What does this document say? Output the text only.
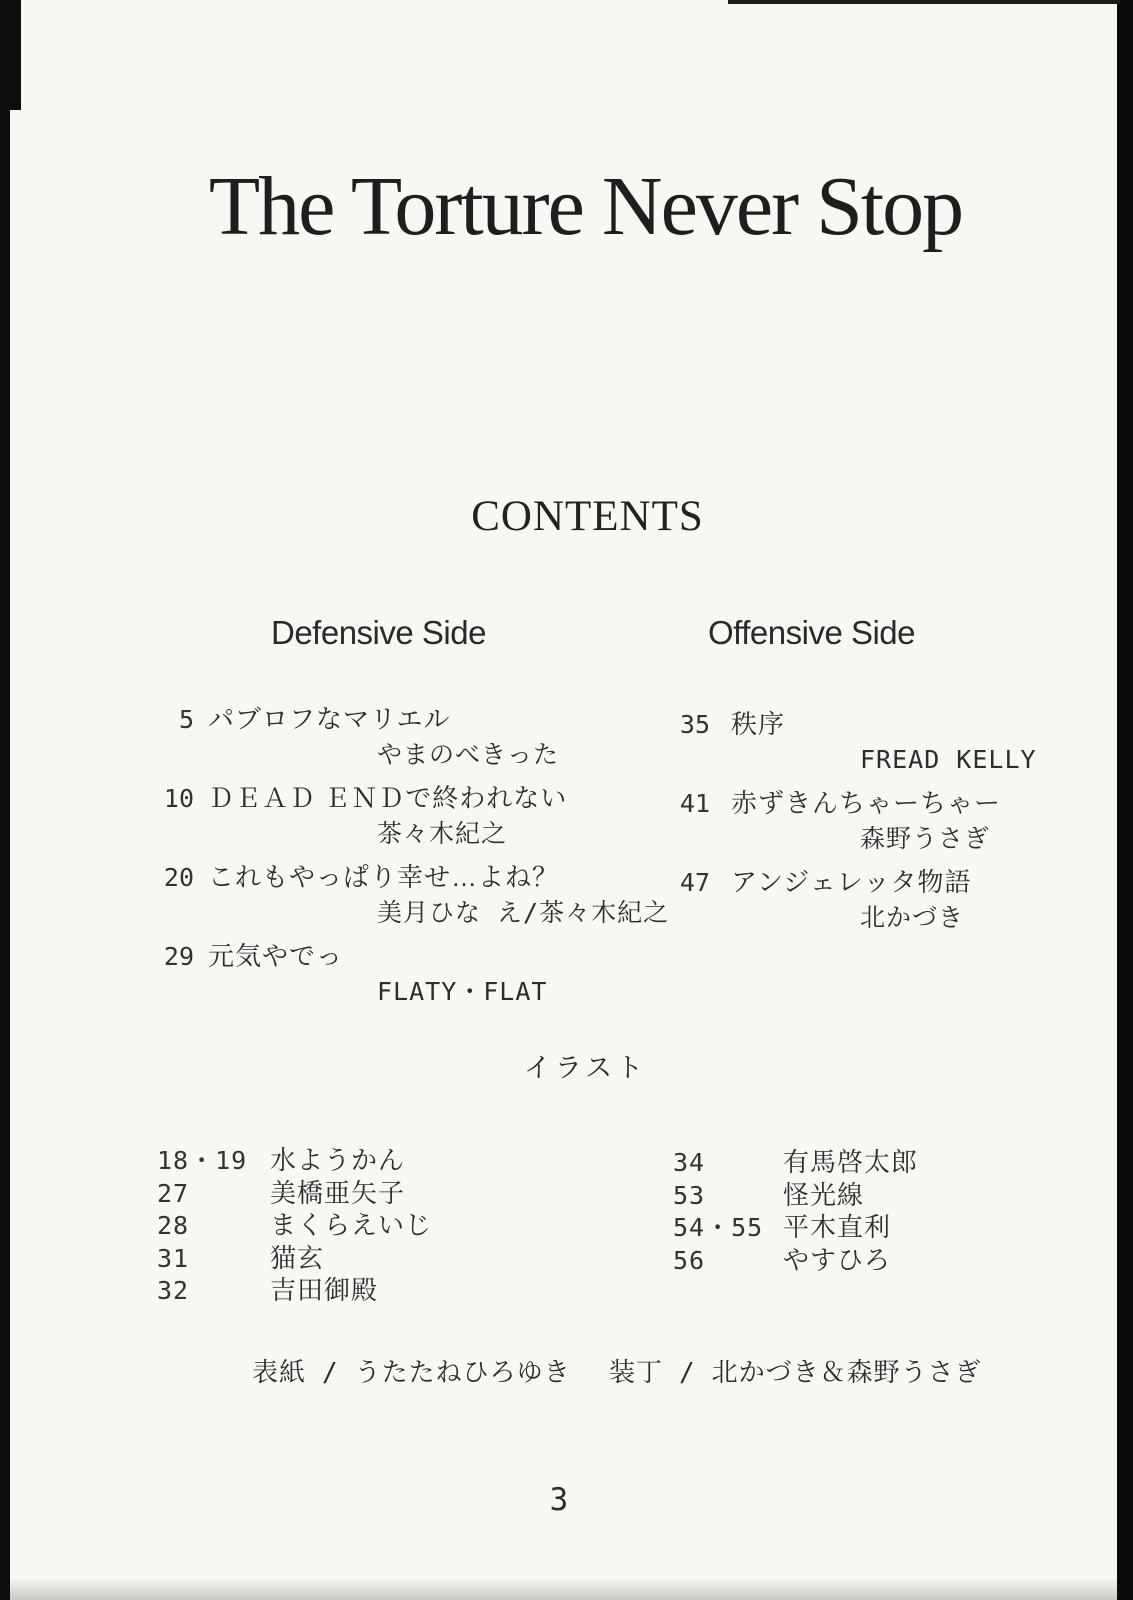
The Torture Never Stop
CONTENTS
Defensive Side	Offensive Side
5 パブロフなマリエル
やまのべきった
10 ＤＥＡＤ ＥＮＤで終われない
茶々木紀之
20 これもやっぱり幸せ…よね？
美月ひな え/茶々木紀之
29 元気やでっ
FLATY・FLAT
35 秩序
FREAD KELLY
41 赤ずきんちゃーちゃー
森野うさぎ
47 アンジェレッタ物語
北かづき
イラスト
18・19 水ようかん
27	美橋亜矢子
28	まくらえいじ
31	猫玄
32	吉田御殿
34	有馬啓太郎
53	怪光線
54・55 平木直利
56	やすひろ
表紙 / うたたねひろゆき 装丁 / 北かづき＆森野うさぎ
3
